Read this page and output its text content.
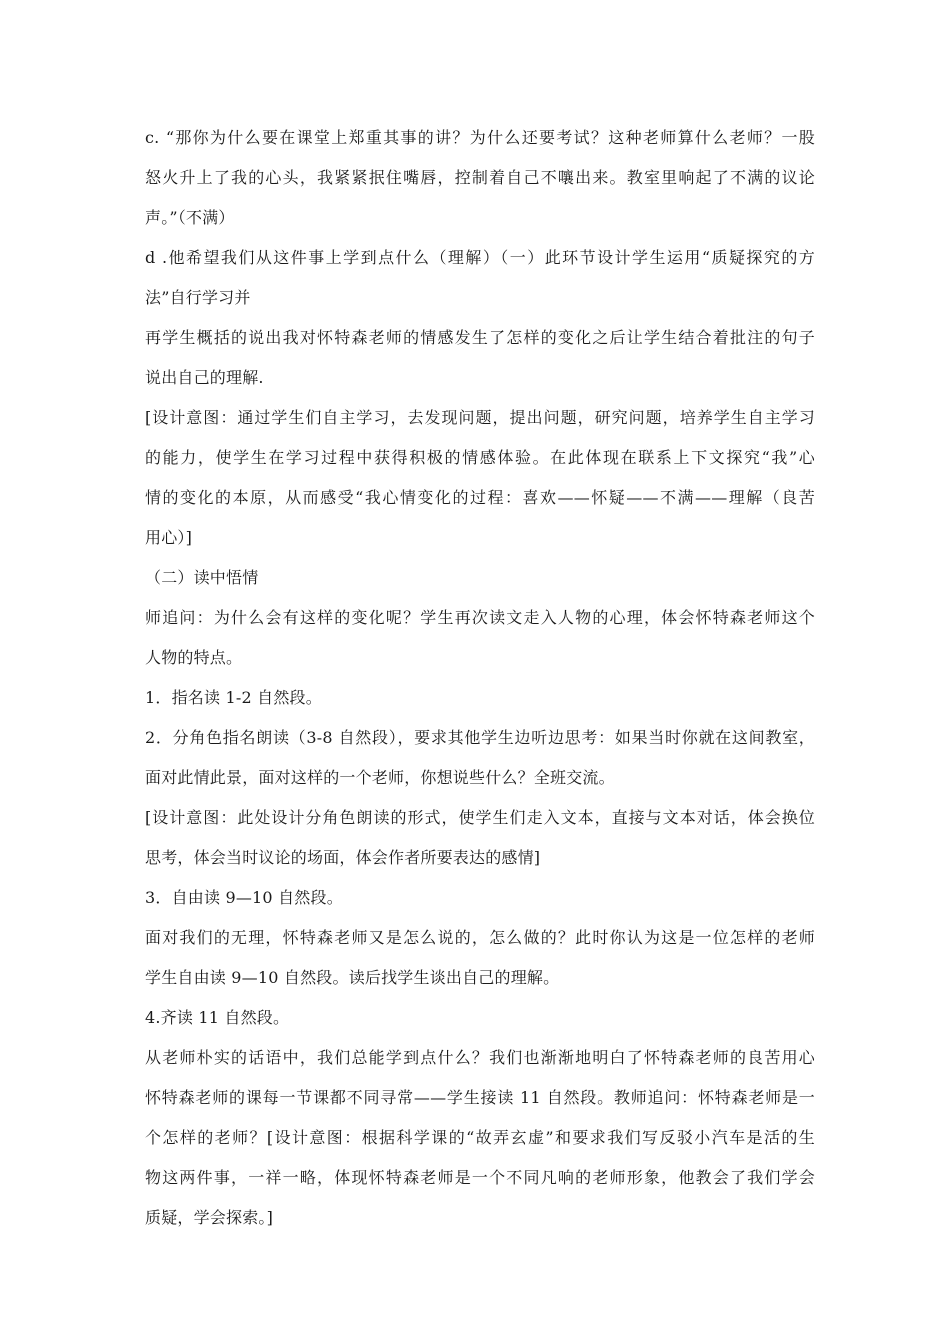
c. “那你为什么要在课堂上郑重其事的讲？为什么还要考试？这种老师算什么老师？一股
怒火升上了我的心头，我紧紧抿住嘴唇，控制着自己不嚷出来。教室里响起了不满的议论
声。”（不满）
d .他希望我们从这件事上学到点什么（理解）（一）此环节设计学生运用“质疑探究的方
法”自行学习并
再学生概括的说出我对怀特森老师的情感发生了怎样的变化之后让学生结合着批注的句子
说出自己的理解.
[设计意图：通过学生们自主学习，去发现问题，提出问题，研究问题，培养学生自主学习
的能力，使学生在学习过程中获得积极的情感体验。在此体现在联系上下文探究“我”心
情的变化的本原，从而感受“我心情变化的过程：喜欢——怀疑——不满——理解（良苦
用心）]
（二）读中悟情
师追问：为什么会有这样的变化呢？学生再次读文走入人物的心理，体会怀特森老师这个
人物的特点。
1．指名读 1-2 自然段。
2．分角色指名朗读（3-8 自然段），要求其他学生边听边思考：如果当时你就在这间教室，
面对此情此景，面对这样的一个老师，你想说些什么？全班交流。
[设计意图：此处设计分角色朗读的形式，使学生们走入文本，直接与文本对话，体会换位
思考，体会当时议论的场面，体会作者所要表达的感情]
3．自由读 9—10 自然段。
面对我们的无理，怀特森老师又是怎么说的，怎么做的？此时你认为这是一位怎样的老师
学生自由读 9—10 自然段。读后找学生谈出自己的理解。
4.齐读 11 自然段。
从老师朴实的话语中，我们总能学到点什么？我们也渐渐地明白了怀特森老师的良苦用心
怀特森老师的课每一节课都不同寻常——学生接读 11 自然段。教师追问：怀特森老师是一
个怎样的老师？[设计意图：根据科学课的“故弄玄虚”和要求我们写反驳小汽车是活的生
物这两件事，一祥一略，体现怀特森老师是一个不同凡响的老师形象，他教会了我们学会
质疑，学会探索。]
